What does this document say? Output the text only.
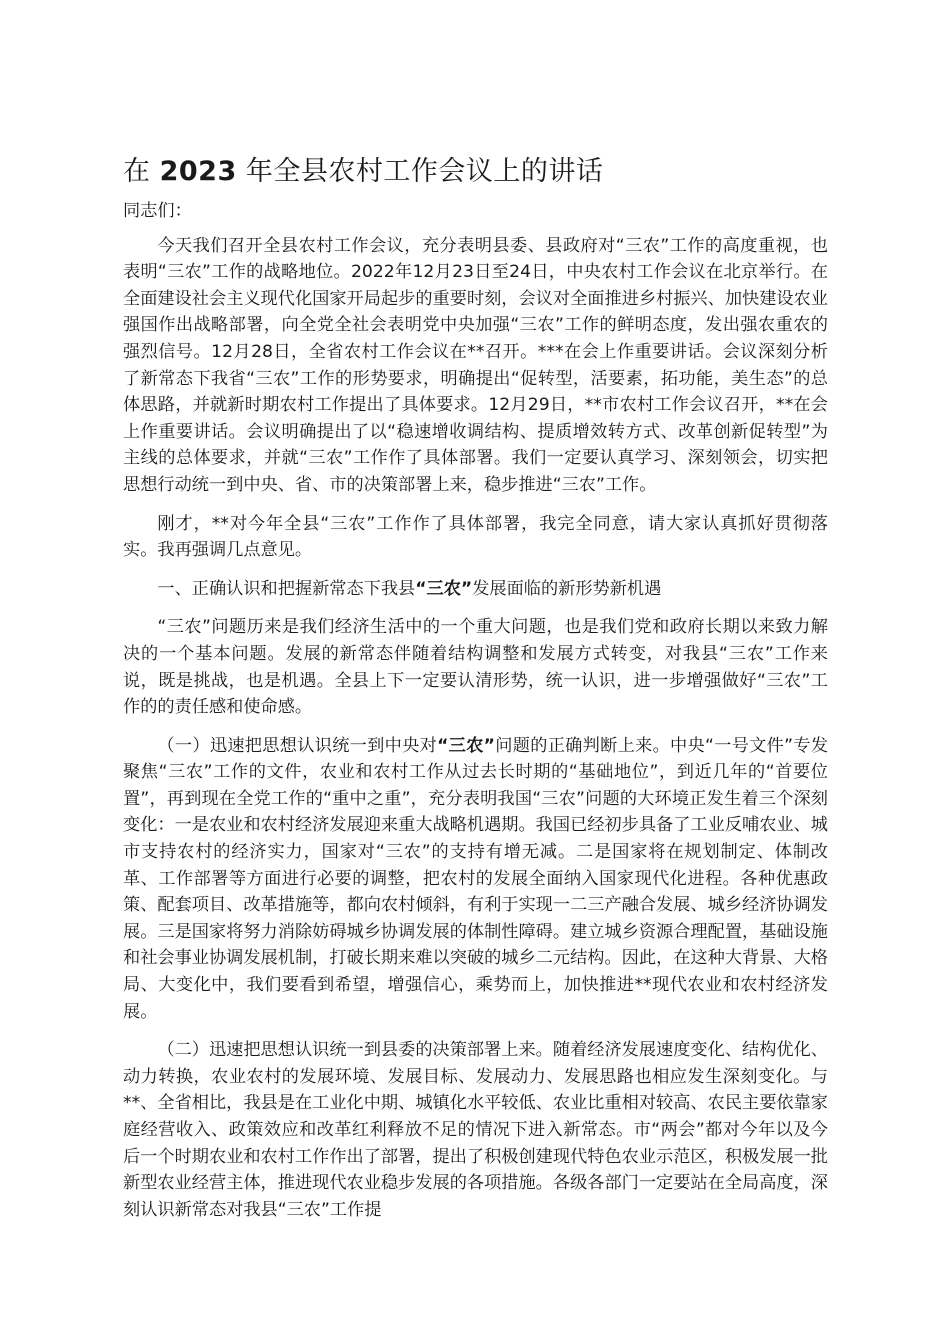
在 2023 年全县农村工作会议上的讲话

同志们：

今天我们召开全县农村工作会议，充分表明县委、县政府对“三农”工作的高度重视，也表明“三农”工作的战略地位。2022年12月23日至24日，中央农村工作会议在北京举行。在全面建设社会主义现代化国家开局起步的重要时刻，会议对全面推进乡村振兴、加快建设农业强国作出战略部署，向全党全社会表明党中央加强“三农”工作的鲜明态度，发出强农重农的强烈信号。12月28日，全省农村工作会议在**召开。***在会上作重要讲话。会议深刻分析了新常态下我省“三农”工作的形势要求，明确提出“促转型，活要素，拓功能，美生态”的总体思路，并就新时期农村工作提出了具体要求。12月29日，**市农村工作会议召开，**在会上作重要讲话。会议明确提出了以“稳速增收调结构、提质增效转方式、改革创新促转型”为主线的总体要求，并就“三农”工作作了具体部署。我们一定要认真学习、深刻领会，切实把思想行动统一到中央、省、市的决策部署上来，稳步推进“三农”工作。

刚才，**对今年全县“三农”工作作了具体部署，我完全同意，请大家认真抓好贯彻落实。我再强调几点意见。

一、正确认识和把握新常态下我县“三农”发展面临的新形势新机遇

“三农”问题历来是我们经济生活中的一个重大问题，也是我们党和政府长期以来致力解决的一个基本问题。发展的新常态伴随着结构调整和发展方式转变，对我县“三农”工作来说，既是挑战，也是机遇。全县上下一定要认清形势，统一认识，进一步增强做好“三农”工作的的责任感和使命感。

（一）迅速把思想认识统一到中央对“三农”问题的正确判断上来。中央“一号文件”专发聚焦“三农”工作的文件，农业和农村工作从过去长时期的“基础地位”，到近几年的“首要位置”，再到现在全党工作的“重中之重”，充分表明我国“三农”问题的大环境正发生着三个深刻变化：一是农业和农村经济发展迎来重大战略机遇期。我国已经初步具备了工业反哺农业、城市支持农村的经济实力，国家对“三农”的支持有增无减。二是国家将在规划制定、体制改革、工作部署等方面进行必要的调整，把农村的发展全面纳入国家现代化进程。各种优惠政策、配套项目、改革措施等，都向农村倾斜，有利于实现一二三产融合发展、城乡经济协调发展。三是国家将努力消除妨碍城乡协调发展的体制性障碍。建立城乡资源合理配置，基础设施和社会事业协调发展机制，打破长期来难以突破的城乡二元结构。因此，在这种大背景、大格局、大变化中，我们要看到希望，增强信心，乘势而上，加快推进**现代农业和农村经济发展。

（二）迅速把思想认识统一到县委的决策部署上来。随着经济发展速度变化、结构优化、动力转换，农业农村的发展环境、发展目标、发展动力、发展思路也相应发生深刻变化。与**、全省相比，我县是在工业化中期、城镇化水平较低、农业比重相对较高、农民主要依靠家庭经营收入、政策效应和改革红利释放不足的情况下进入新常态。市“两会”都对今年以及今后一个时期农业和农村工作作出了部署，提出了积极创建现代特色农业示范区，积极发展一批新型农业经营主体，推进现代农业稳步发展的各项措施。各级各部门一定要站在全局高度，深刻认识新常态对我县“三农”工作提
